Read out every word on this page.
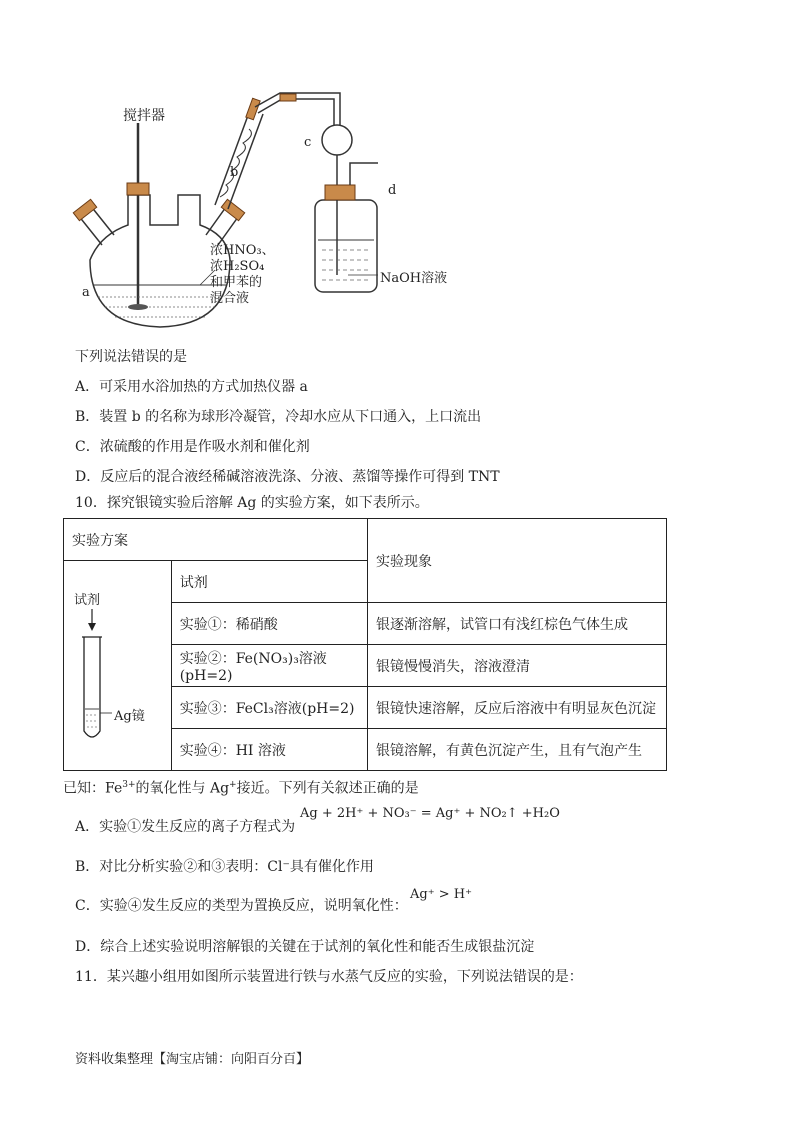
搅拌器
b
c
d
a
浓HNO₃、
浓H₂SO₄
和甲苯的
混合液
NaOH溶液
下列说法错误的是
A．可采用水浴加热的方式加热仪器 a
B．装置 b 的名称为球形冷凝管，冷却水应从下口通入，上口流出
C．浓硫酸的作用是作吸水剂和催化剂
D．反应后的混合液经稀碱溶液洗涤、分液、蒸馏等操作可得到 TNT
10．探究银镜实验后溶解 Ag 的实验方案，如下表所示。
实验方案		实验现象

试剂
Ag镜	试剂	
	实验①：稀硝酸	银逐渐溶解，试管口有浅红棕色气体生成
	实验②：Fe(NO₃)₃溶液(pH=2)	银镜慢慢消失，溶液澄清
	实验③：FeCl₃溶液(pH=2)	银镜快速溶解，反应后溶液中有明显灰色沉淀
	实验④：HI 溶液	银镜溶解，有黄色沉淀产生，且有气泡产生
已知：$Fe^{3+}$的氧化性与 Ag+接近。下列有关叙述正确的是
A．实验①发生反应的离子方程式为
Ag + 2H⁺ + NO₃⁻ = Ag⁺ + NO₂↑ +H₂O
B．对比分析实验②和③表明：Cl⁻具有催化作用
C．实验④发生反应的类型为置换反应，说明氧化性：
Ag⁺ > H⁺
D．综合上述实验说明溶解银的关键在于试剂的氧化性和能否生成银盐沉淀
11．某兴趣小组用如图所示装置进行铁与水蒸气反应的实验，下列说法错误的是：
资料收集整理【淘宝店铺：向阳百分百】
